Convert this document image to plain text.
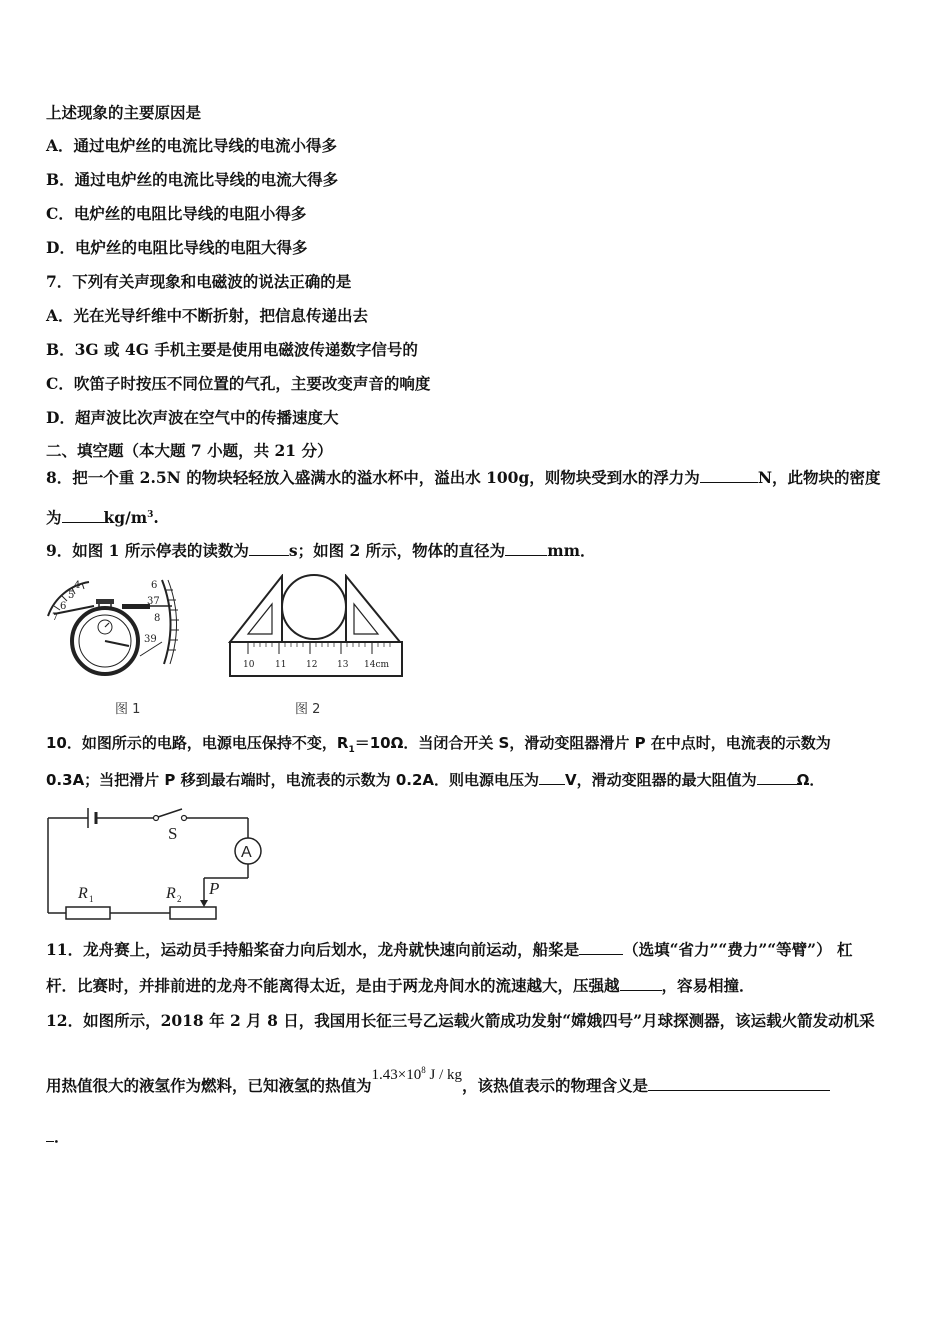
上述现象的主要原因是
A．通过电炉丝的电流比导线的电流小得多
B．通过电炉丝的电流比导线的电流大得多
C．电炉丝的电阻比导线的电阻小得多
D．电炉丝的电阻比导线的电阻大得多
7．下列有关声现象和电磁波的说法正确的是
A．光在光导纤维中不断折射，把信息传递出去
B．3G 或 4G 手机主要是使用电磁波传递数字信号的
C．吹笛子时按压不同位置的气孔，主要改变声音的响度
D．超声波比次声波在空气中的传播速度大
二、填空题（本大题 7 小题，共 21 分）
8．把一个重 2.5N 的物块轻轻放入盛满水的溢水杯中，溢出水 100g，则物块受到水的浮力为	N，此物块的密度
为	$kg/m^3$.
9．如图 1 所示停表的读数为	s；如图 2 所示，物体的直径为	mm．
4
5
6
7
6
37
8
39
图 1
10 11 12 13 14cm
图 2
10．如图所示的电路，电源电压保持不变，$R_1=10\Omega$．当闭合开关 S，滑动变阻器滑片 P 在中点时，电流表的示数为
0.3A；当把滑片 P 移到最右端时，电流表的示数为 0.2A．则电源电压为 V，滑动变阻器的最大阻值为	Ω．
S
A
P
R 2
R 1
11．龙舟赛上，运动员手持船桨奋力向后划水，龙舟就快速向前运动，船桨是	（选填“省力”“费力”“等臂”） 杠
杆．比赛时，并排前进的龙舟不能离得太近，是由于两龙舟间水的流速越大，压强越	，容易相撞．
12．如图所示，2018 年 2 月 8 日，我国用长征三号乙运载火箭成功发射“嫦娥四号”月球探测器，该运载火箭发动机采
用热值很大的液氢作为燃料，已知液氢的热值为$1.43\times 10^8$ J / kg，该热值表示的物理含义是
．
